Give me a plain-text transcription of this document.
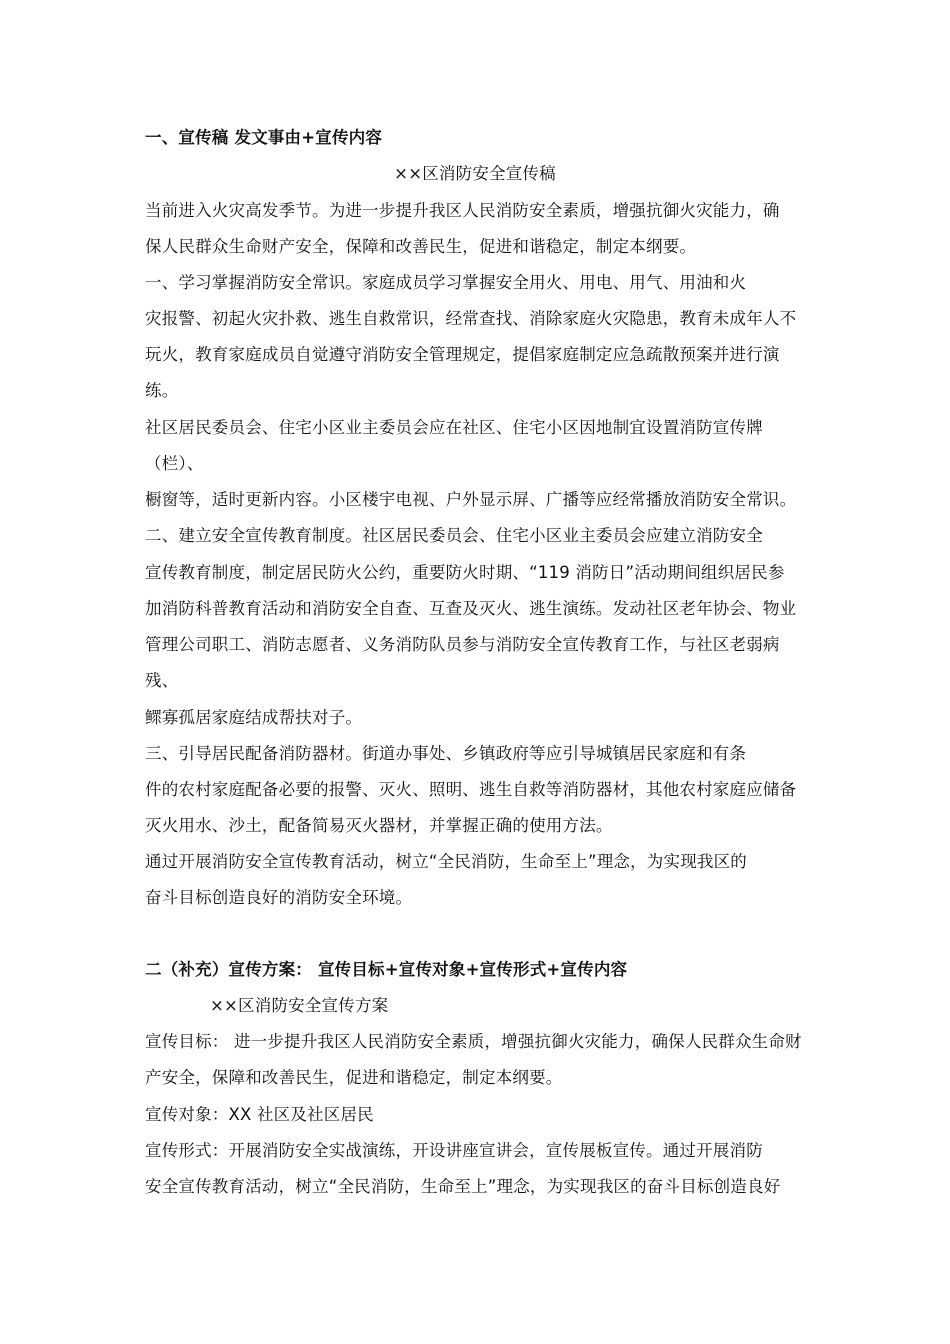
一、宣传稿 发文事由+宣传内容

××区消防安全宣传稿

当前进入火灾高发季节。为进一步提升我区人民消防安全素质，增强抗御火灾能力，确

保人民群众生命财产安全，保障和改善民生，促进和谐稳定，制定本纲要。

一、学习掌握消防安全常识。家庭成员学习掌握安全用火、用电、用气、用油和火

灾报警、初起火灾扑救、逃生自救常识，经常查找、消除家庭火灾隐患，教育未成年人不

玩火，教育家庭成员自觉遵守消防安全管理规定，提倡家庭制定应急疏散预案并进行演

练。

社区居民委员会、住宅小区业主委员会应在社区、住宅小区因地制宜设置消防宣传牌

（栏）、

橱窗等，适时更新内容。小区楼宇电视、户外显示屏、广播等应经常播放消防安全常识。

二、建立安全宣传教育制度。社区居民委员会、住宅小区业主委员会应建立消防安全

宣传教育制度，制定居民防火公约，重要防火时期、“119 消防日”活动期间组织居民参

加消防科普教育活动和消防安全自查、互查及灭火、逃生演练。发动社区老年协会、物业

管理公司职工、消防志愿者、义务消防队员参与消防安全宣传教育工作，与社区老弱病

残、

鳏寡孤居家庭结成帮扶对子。

三、引导居民配备消防器材。街道办事处、乡镇政府等应引导城镇居民家庭和有条

件的农村家庭配备必要的报警、灭火、照明、逃生自救等消防器材，其他农村家庭应储备

灭火用水、沙土，配备简易灭火器材，并掌握正确的使用方法。

通过开展消防安全宣传教育活动，树立“全民消防，生命至上”理念，为实现我区的

奋斗目标创造良好的消防安全环境。

二（补充）宣传方案： 宣传目标+宣传对象+宣传形式+宣传内容

××区消防安全宣传方案

宣传目标： 进一步提升我区人民消防安全素质，增强抗御火灾能力，确保人民群众生命财

产安全，保障和改善民生，促进和谐稳定，制定本纲要。

宣传对象：XX 社区及社区居民

宣传形式：开展消防安全实战演练，开设讲座宣讲会，宣传展板宣传。通过开展消防

安全宣传教育活动，树立“全民消防，生命至上”理念，为实现我区的奋斗目标创造良好
